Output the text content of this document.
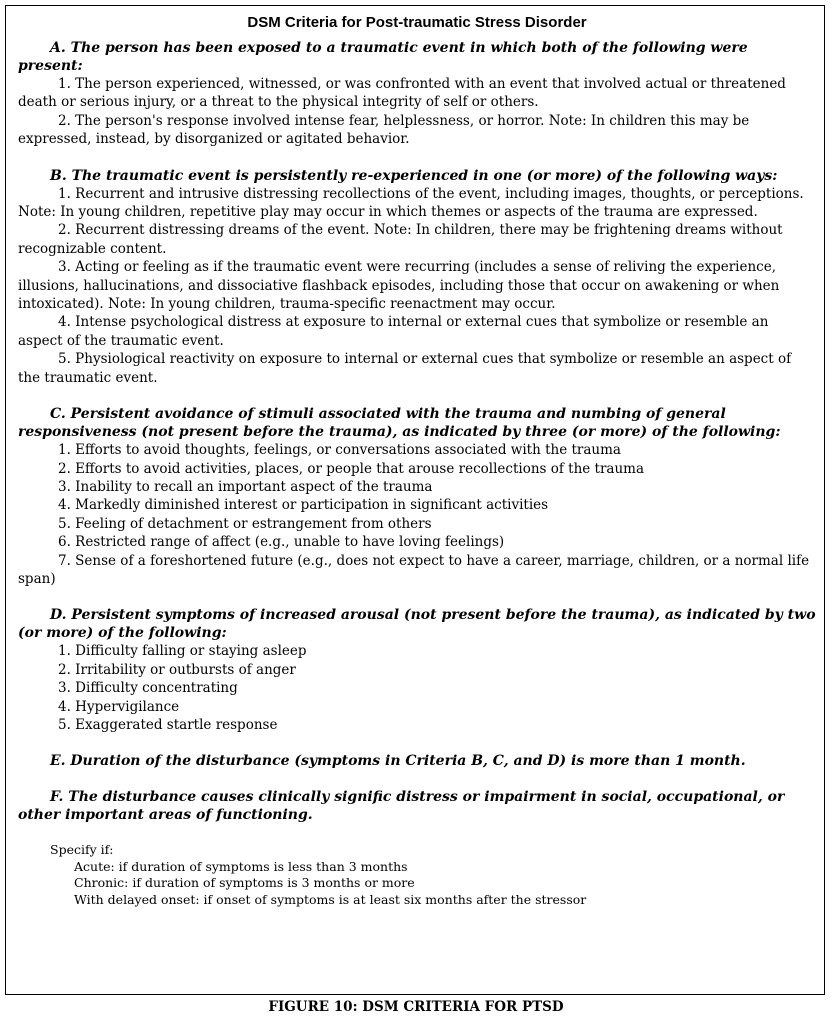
DSM Criteria for Post-traumatic Stress Disorder

A. The person has been exposed to a traumatic event in which both of the following were present:

1. The person experienced, witnessed, or was confronted with an event that involved actual or threatened death or serious injury, or a threat to the physical integrity of self or others.

2. The person's response involved intense fear, helplessness, or horror. Note: In children this may be expressed, instead, by disorganized or agitated behavior.

B. The traumatic event is persistently re-experienced in one (or more) of the following ways:

1. Recurrent and intrusive distressing recollections of the event, including images, thoughts, or perceptions. Note: In young children, repetitive play may occur in which themes or aspects of the trauma are expressed.

2. Recurrent distressing dreams of the event. Note: In children, there may be frightening dreams without recognizable content.

3. Acting or feeling as if the traumatic event were recurring (includes a sense of reliving the experience, illusions, hallucinations, and dissociative flashback episodes, including those that occur on awakening or when intoxicated). Note: In young children, trauma-specific reenactment may occur.

4. Intense psychological distress at exposure to internal or external cues that symbolize or resemble an aspect of the traumatic event.

5. Physiological reactivity on exposure to internal or external cues that symbolize or resemble an aspect of the traumatic event.

C. Persistent avoidance of stimuli associated with the trauma and numbing of general responsiveness (not present before the trauma), as indicated by three (or more) of the following:

1. Efforts to avoid thoughts, feelings, or conversations associated with the trauma

2. Efforts to avoid activities, places, or people that arouse recollections of the trauma

3. Inability to recall an important aspect of the trauma

4. Markedly diminished interest or participation in significant activities

5. Feeling of detachment or estrangement from others

6. Restricted range of affect (e.g., unable to have loving feelings)

7. Sense of a foreshortened future (e.g., does not expect to have a career, marriage, children, or a normal life span)

D. Persistent symptoms of increased arousal (not present before the trauma), as indicated by two (or more) of the following:

1. Difficulty falling or staying asleep

2. Irritability or outbursts of anger

3. Difficulty concentrating

4. Hypervigilance

5. Exaggerated startle response

E. Duration of the disturbance (symptoms in Criteria B, C, and D) is more than 1 month.

F. The disturbance causes clinically signific distress or impairment in social, occupational, or other important areas of functioning.

Specify if:
Acute: if duration of symptoms is less than 3 months
Chronic: if duration of symptoms is 3 months or more
With delayed onset: if onset of symptoms is at least six months after the stressor
FIGURE 10: DSM CRITERIA FOR PTSD
